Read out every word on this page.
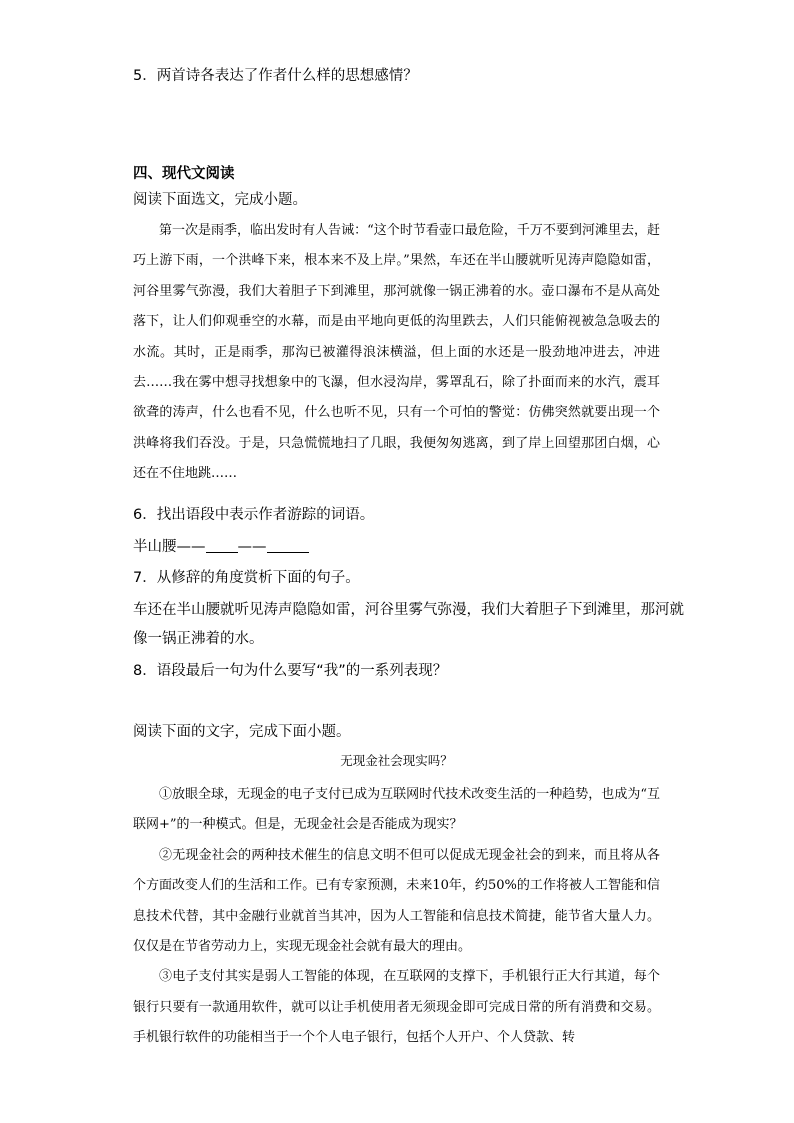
5．两首诗各表达了作者什么样的思想感情？
四、现代文阅读
阅读下面选文，完成小题。

第一次是雨季，临出发时有人告诫：“这个时节看壶口最危险，千万不要到河滩里去，赶巧上游下雨，一个洪峰下来，根本来不及上岸。”果然，车还在半山腰就听见涛声隐隐如雷，河谷里雾气弥漫，我们大着胆子下到滩里，那河就像一锅正沸着的水。壶口瀑布不是从高处落下，让人们仰观垂空的水幕，而是由平地向更低的沟里跌去，人们只能俯视被急急吸去的水流。其时，正是雨季，那沟已被灌得浪沫横溢，但上面的水还是一股劲地冲进去，冲进去……我在雾中想寻找想象中的飞瀑，但水浸沟岸，雾罩乱石，除了扑面而来的水汽，震耳欲聋的涛声，什么也看不见，什么也听不见，只有一个可怕的警觉：仿佛突然就要出现一个洪峰将我们吞没。于是，只急慌慌地扫了几眼，我便匆匆逃离，到了岸上回望那团白烟，心还在不住地跳……

6．找出语段中表示作者游踪的词语。
半山腰—— ——
7．从修辞的角度赏析下面的句子。
车还在半山腰就听见涛声隐隐如雷，河谷里雾气弥漫，我们大着胆子下到滩里，那河就
像一锅正沸着的水。
8．语段最后一句为什么要写“我”的一系列表现？
阅读下面的文字，完成下面小题。
无现金社会现实吗？

①放眼全球，无现金的电子支付已成为互联网时代技术改变生活的一种趋势，也成为“互联网+”的一种模式。但是，无现金社会是否能成为现实？

②无现金社会的两种技术催生的信息文明不但可以促成无现金社会的到来，而且将从各个方面改变人们的生活和工作。已有专家预测，未来10年，约50%的工作将被人工智能和信息技术代替，其中金融行业就首当其冲，因为人工智能和信息技术简捷，能节省大量人力。仅仅是在节省劳动力上，实现无现金社会就有最大的理由。

③电子支付其实是弱人工智能的体现，在互联网的支撑下，手机银行正大行其道，每个银行只要有一款通用软件，就可以让手机使用者无须现金即可完成日常的所有消费和交易。手机银行软件的功能相当于一个个人电子银行，包括个人开户、个人贷款、转
